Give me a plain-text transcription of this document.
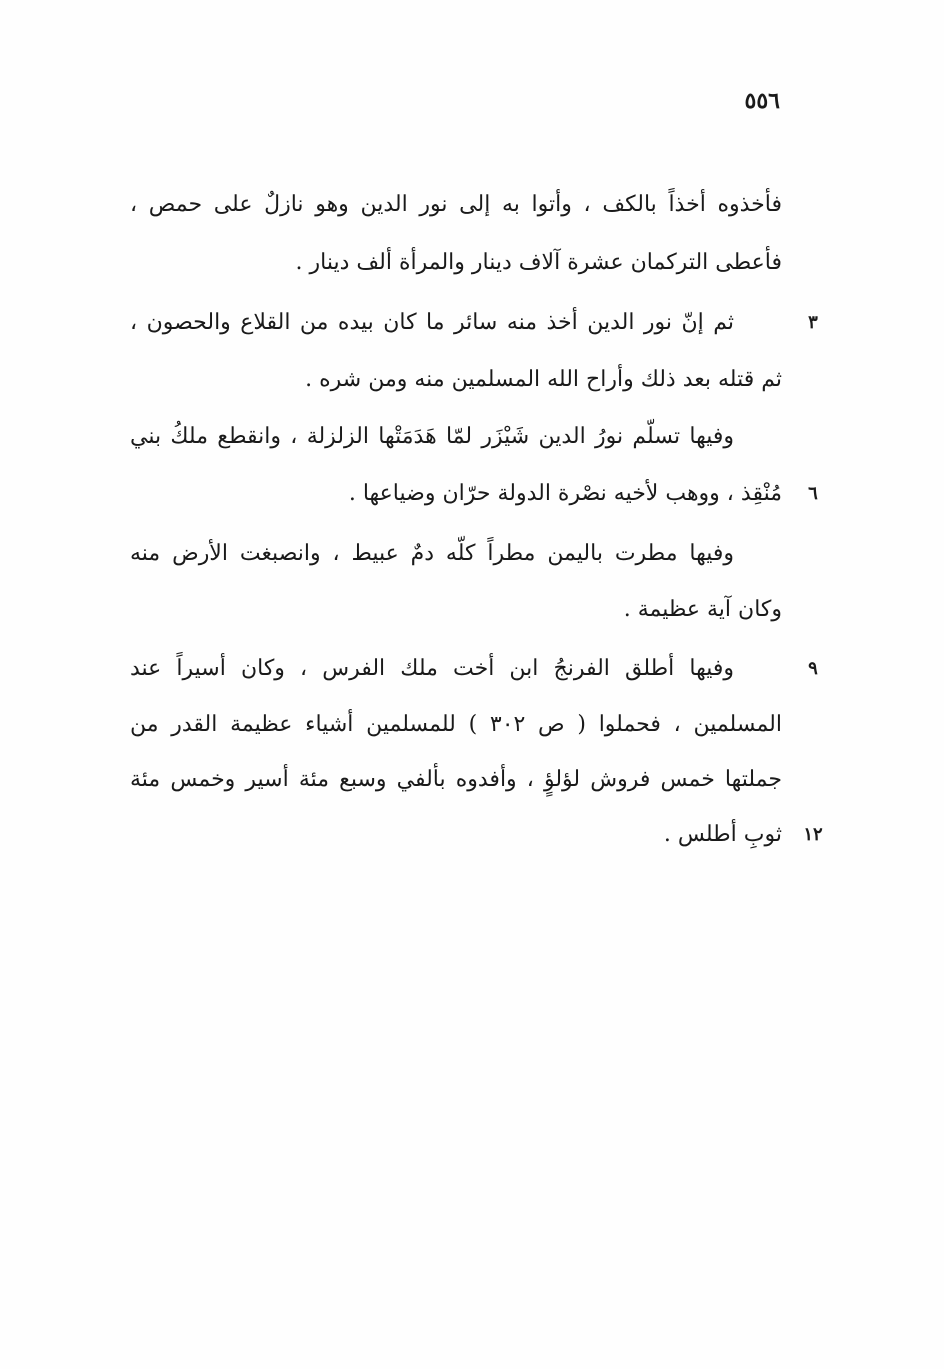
٥٥٦
فأخذوه أخذاً بالكف ، وأتوا به إلى نور الدين وهو نازلٌ على حمص ،
فأعطى التركمان عشرة آلاف دينار والمرأة ألف دينار .
٣
ثم إنّ نور الدين أخذ منه سائر ما كان بيده من القلاع والحصون ،
ثم قتله بعد ذلك وأراح الله المسلمين منه ومن شره .
وفيها تسلّم نورُ الدين شَيْزَر لمّا هَدَمَتْها الزلزلة ، وانقطع ملكُ بني
٦
مُنْقِذ ، ووهب لأخيه نصْرة الدولة حرّان وضياعها .
وفيها مطرت باليمن مطراً كلّه دمٌ عبيط ، وانصبغت الأرض منه
وكان آية عظيمة .
٩
وفيها أطلق الفرنجُ ابن أخت ملك الفرس ، وكان أسيراً عند
المسلمين ، فحملوا ( ص ٣٠٢ ) للمسلمين أشياء عظيمة القدر من
جملتها خمس فروش لؤلؤٍ ، وأفدوه بألفي وسبع مئة أسير وخمس مئة
١٢
ثوبِ أطلس .
